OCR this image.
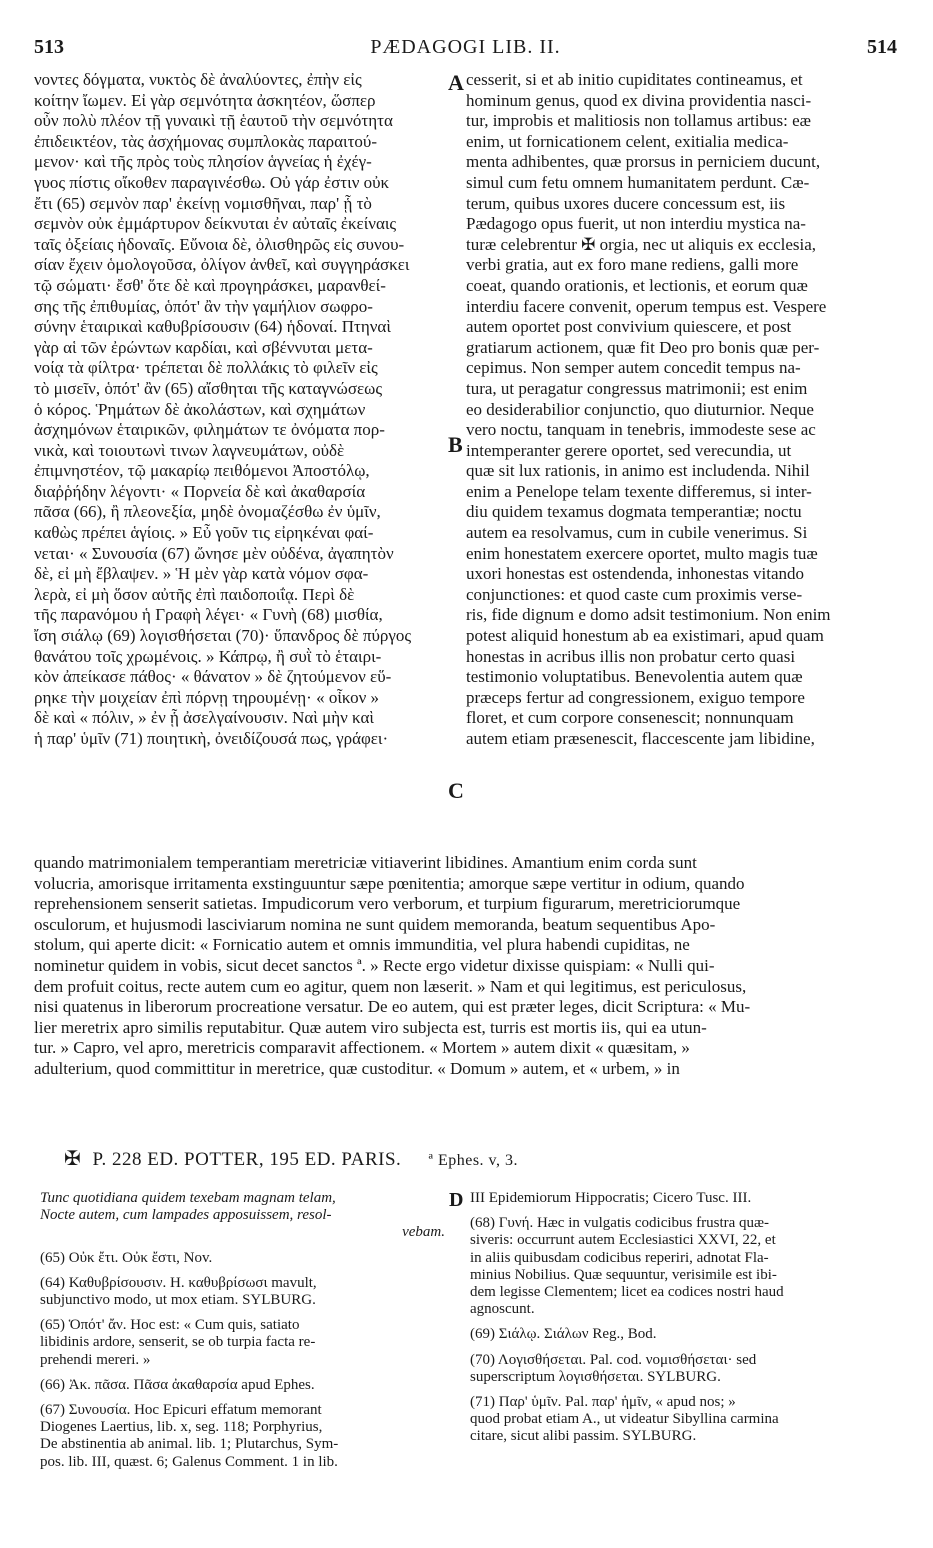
513	PÆDAGOGI LIB. II.	514
νοντες δόγματα, νυκτὸς δὲ ἀναλύοντες, ἐπὴν εἰς
κοίτην ἴωμεν. Εἰ γὰρ σεμνότητα ἀσκητέον, ὥσπερ
οὖν πολὺ πλέον τῇ γυναικὶ τῇ ἑαυτοῦ τὴν σεμνότητα
ἐπιδεικτέον, τὰς ἀσχήμονας συμπλοκὰς παραιτού-
μενον· καὶ τῆς πρὸς τοὺς πλησίον ἁγνείας ἡ ἐχέγ-
γυος πίστις οἴκοθεν παραγινέσθω. Οὐ γάρ ἐστιν οὐκ
ἔτι (65) σεμνὸν παρ' ἐκείνῃ νομισθῆναι, παρ' ᾗ τὸ
σεμνὸν οὐκ ἐμμάρτυρον δείκνυται ἐν αὐταῖς ἐκείναις
ταῖς ὀξείαις ἡδοναῖς. Εὔνοια δὲ, ὀλισθηρῶς εἰς συνου-
σίαν ἔχειν ὁμολογοῦσα, ὀλίγον ἀνθεῖ, καὶ συγγηράσκει
τῷ σώματι· ἔσθ' ὅτε δὲ καὶ προγηράσκει, μαρανθεί-
σης τῆς ἐπιθυμίας, ὁπότ' ἂν τὴν γαμήλιον σωφρο-
σύνην ἑταιρικαὶ καθυβρίσουσιν (64) ἡδοναί. Πτηναὶ
γὰρ αἱ τῶν ἐρώντων καρδίαι, καὶ σβέννυται μετα-
νοίᾳ τὰ φίλτρα· τρέπεται δὲ πολλάκις τὸ φιλεῖν εἰς
τὸ μισεῖν, ὁπότ' ἂν (65) αἴσθηται τῆς καταγνώσεως
ὁ κόρος. Ῥημάτων δὲ ἀκολάστων, καὶ σχημάτων
ἀσχημόνων ἑταιρικῶν, φιλημάτων τε ὀνόματα πορ-
νικὰ, καὶ τοιουτωνὶ τινων λαγνευμάτων, οὐδὲ
ἐπιμνηστέον, τῷ μακαρίῳ πειθόμενοι Ἀποστόλῳ,
διαῤῥήδην λέγοντι· « Πορνεία δὲ καὶ ἀκαθαρσία
πᾶσα (66), ἢ πλεονεξία, μηδὲ ὀνομαζέσθω ἐν ὑμῖν,
καθὼς πρέπει ἁγίοις. » Εὖ γοῦν τις εἰρηκέναι φαί-
νεται· « Συνουσία (67) ὤνησε μὲν οὐδένα, ἀγαπητὸν
δὲ, εἰ μὴ ἔβλαψεν. » Ἡ μὲν γὰρ κατὰ νόμον σφα-
λερὰ, εἰ μὴ ὅσον αὐτῆς ἐπὶ παιδοποιΐᾳ. Περὶ δὲ
τῆς παρανόμου ἡ Γραφὴ λέγει· « Γυνὴ (68) μισθία,
ἴση σιάλῳ (69) λογισθήσεται (70)· ὕπανδρος δὲ πύργος
θανάτου τοῖς χρωμένοις. » Κάπρῳ, ἢ συῒ τὸ ἑταιρι-
κὸν ἀπείκασε πάθος· « θάνατον » δὲ ζητούμενον εὕ-
ρηκε τὴν μοιχείαν ἐπὶ πόρνῃ τηρουμένῃ· « οἶκον »
δὲ καὶ « πόλιν, » ἐν ᾗ ἀσελγαίνουσιν. Ναὶ μὴν καὶ
ἡ παρ' ὑμῖν (71) ποιητικὴ, ὀνειδίζουσά πως, γράφει·
cesserit, si et ab initio cupiditates contineamus, et
hominum genus, quod ex divina providentia nasci-
tur, improbis et malitiosis non tollamus artibus: eæ
enim, ut fornicationem celent, exitialia medica-
menta adhibentes, quæ prorsus in perniciem ducunt,
simul cum fetu omnem humanitatem perdunt. Cæ-
terum, quibus uxores ducere concessum est, iis
Pædagogo opus fuerit, ut non interdiu mystica na-
turæ celebrentur ✠ orgia, nec ut aliquis ex ecclesia,
verbi gratia, aut ex foro mane rediens, galli more
coeat, quando orationis, et lectionis, et eorum quæ
interdiu facere convenit, operum tempus est. Vespere
autem oportet post convivium quiescere, et post
gratiarum actionem, quæ fit Deo pro bonis quæ per-
cepimus. Non semper autem concedit tempus na-
tura, ut peragatur congressus matrimonii; est enim
eo desiderabilior conjunctio, quo diuturnior. Neque
vero noctu, tanquam in tenebris, immodeste sese ac
intemperanter gerere oportet, sed verecundia, ut
quæ sit lux rationis, in animo est includenda. Nihil
enim a Penelope telam texente differemus, si inter-
diu quidem texamus dogmata temperantiæ; noctu
autem ea resolvamus, cum in cubile venerimus. Si
enim honestatem exercere oportet, multo magis tuæ
uxori honestas est ostendenda, inhonestas vitando
conjunctiones: et quod caste cum proximis verse-
ris, fide dignum e domo adsit testimonium. Non enim
potest aliquid honestum ab ea existimari, apud quam
honestas in acribus illis non probatur certo quasi
testimonio voluptatibus. Benevolentia autem quæ
præceps fertur ad congressionem, exiguo tempore
floret, et cum corpore consenescit; nonnunquam
autem etiam præsenescit, flaccescente jam libidine,
A
B
C
D
quando matrimonialem temperantiam meretriciæ vitiaverint libidines. Amantium enim corda sunt
volucria, amorisque irritamenta exstinguuntur sæpe pœnitentia; amorque sæpe vertitur in odium, quando
reprehensionem senserit satietas. Impudicorum vero verborum, et turpium figurarum, meretriciorumque
osculorum, et hujusmodi lasciviarum nomina ne sunt quidem memoranda, beatum sequentibus Apo-
stolum, qui aperte dicit: « Fornicatio autem et omnis immunditia, vel plura habendi cupiditas, ne
nominetur quidem in vobis, sicut decet sanctos ª. » Recte ergo videtur dixisse quispiam: « Nulli qui-
dem profuit coitus, recte autem cum eo agitur, quem non læserit. » Nam et qui legitimus, est periculosus,
nisi quatenus in liberorum procreatione versatur. De eo autem, qui est præter leges, dicit Scriptura: « Mu-
lier meretrix apro similis reputabitur. Quæ autem viro subjecta est, turris est mortis iis, qui ea utun-
tur. » Capro, vel apro, meretricis comparavit affectionem. « Mortem » autem dixit « quæsitam, »
adulterium, quod committitur in meretrice, quæ custoditur. « Domum » autem, et « urbem, » in
✠ P. 228 ED. POTTER, 195 ED. PARIS. ª Ephes. v, 3.
Tunc quotidiana quidem texebam magnam telam,
Nocte autem, cum lampades apposuissem, resol-
vebam.
(65) Οὐκ ἔτι. Οὐκ ἔστι, Nov.
(64) Καθυβρίσουσιν. H. καθυβρίσωσι mavult,
subjunctivo modo, ut mox etiam. SYLBURG.
(65) Ὁπότ' ἄν. Hoc est: « Cum quis, satiato
libidinis ardore, senserit, se ob turpia facta re-
prehendi mereri. »
(66) Ἀκ. πᾶσα. Πᾶσα ἀκαθαρσία apud Ephes.
(67) Συνουσία. Hoc Epicuri effatum memorant
Diogenes Laertius, lib. x, seg. 118; Porphyrius,
De abstinentia ab animal. lib. 1; Plutarchus, Sym-
pos. lib. III, quæst. 6; Galenus Comment. 1 in lib.
III Epidemiorum Hippocratis; Cicero Tusc. III.
(68) Γυνή. Hæc in vulgatis codicibus frustra quæ-
siveris: occurrunt autem Ecclesiastici XXVI, 22, et
in aliis quibusdam codicibus reperiri, adnotat Fla-
minius Nobilius. Quæ sequuntur, verisimile est ibi-
dem legisse Clementem; licet ea codices nostri haud
agnoscunt.
(69) Σιάλῳ. Σιάλων Reg., Bod.
(70) Λογισθήσεται. Pal. cod. νομισθήσεται· sed
superscriptum λογισθήσεται. SYLBURG.
(71) Παρ' ὑμῖν. Pal. παρ' ἡμῖν, « apud nos; »
quod probat etiam A., ut videatur Sibyllina carmina
citare, sicut alibi passim. SYLBURG.
